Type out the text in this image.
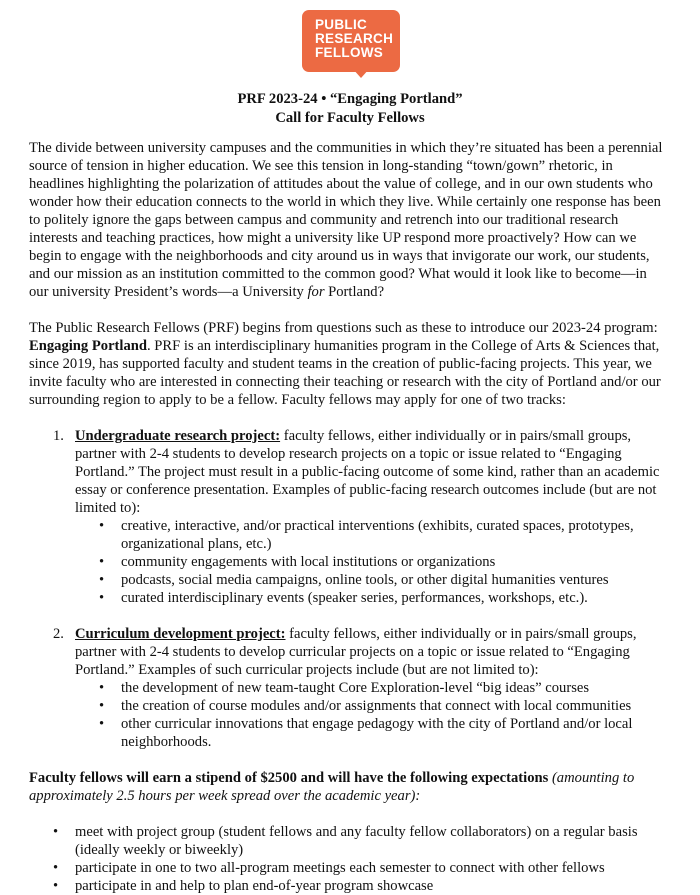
PUBLIC
RESEARCH
FELLOWS
PRF 2023-24 • “Engaging Portland”
Call for Faculty Fellows

The divide between university campuses and the communities in which they’re situated has been a perennial source of tension in higher education. We see this tension in long-standing “town/gown” rhetoric, in headlines highlighting the polarization of attitudes about the value of college, and in our own students who wonder how their education connects to the world in which they live. While certainly one response has been to politely ignore the gaps between campus and community and retrench into our traditional research interests and teaching practices, how might a university like UP respond more proactively? How can we begin to engage with the neighborhoods and city around us in ways that invigorate our work, our students, and our mission as an institution committed to the common good? What would it look like to become—in our university President’s words—a University for Portland?

The Public Research Fellows (PRF) begins from questions such as these to introduce our 2023-24 program: Engaging Portland. PRF is an interdisciplinary humanities program in the College of Arts & Sciences that, since 2019, has supported faculty and student teams in the creation of public-facing projects. This year, we invite faculty who are interested in connecting their teaching or research with the city of Portland and/or our surrounding region to apply to be a fellow. Faculty fellows may apply for one of two tracks:

1. Undergraduate research project: faculty fellows, either individually or in pairs/small groups, partner with 2-4 students to develop research projects on a topic or issue related to “Engaging Portland.” The project must result in a public-facing outcome of some kind, rather than an academic essay or conference presentation. Examples of public-facing research outcomes include (but are not limited to):
• creative, interactive, and/or practical interventions (exhibits, curated spaces, prototypes, organizational plans, etc.)
• community engagements with local institutions or organizations
• podcasts, social media campaigns, online tools, or other digital humanities ventures
• curated interdisciplinary events (speaker series, performances, workshops, etc.).
2. Curriculum development project: faculty fellows, either individually or in pairs/small groups, partner with 2-4 students to develop curricular projects on a topic or issue related to “Engaging Portland.” Examples of such curricular projects include (but are not limited to):
• the development of new team-taught Core Exploration-level “big ideas” courses
• the creation of course modules and/or assignments that connect with local communities
• other curricular innovations that engage pedagogy with the city of Portland and/or local neighborhoods.

Faculty fellows will earn a stipend of $2500 and will have the following expectations (amounting to approximately 2.5 hours per week spread over the academic year):

• meet with project group (student fellows and any faculty fellow collaborators) on a regular basis (ideally weekly or biweekly)
• participate in one to two all-program meetings each semester to connect with other fellows
• participate in and help to plan end-of-year program showcase
